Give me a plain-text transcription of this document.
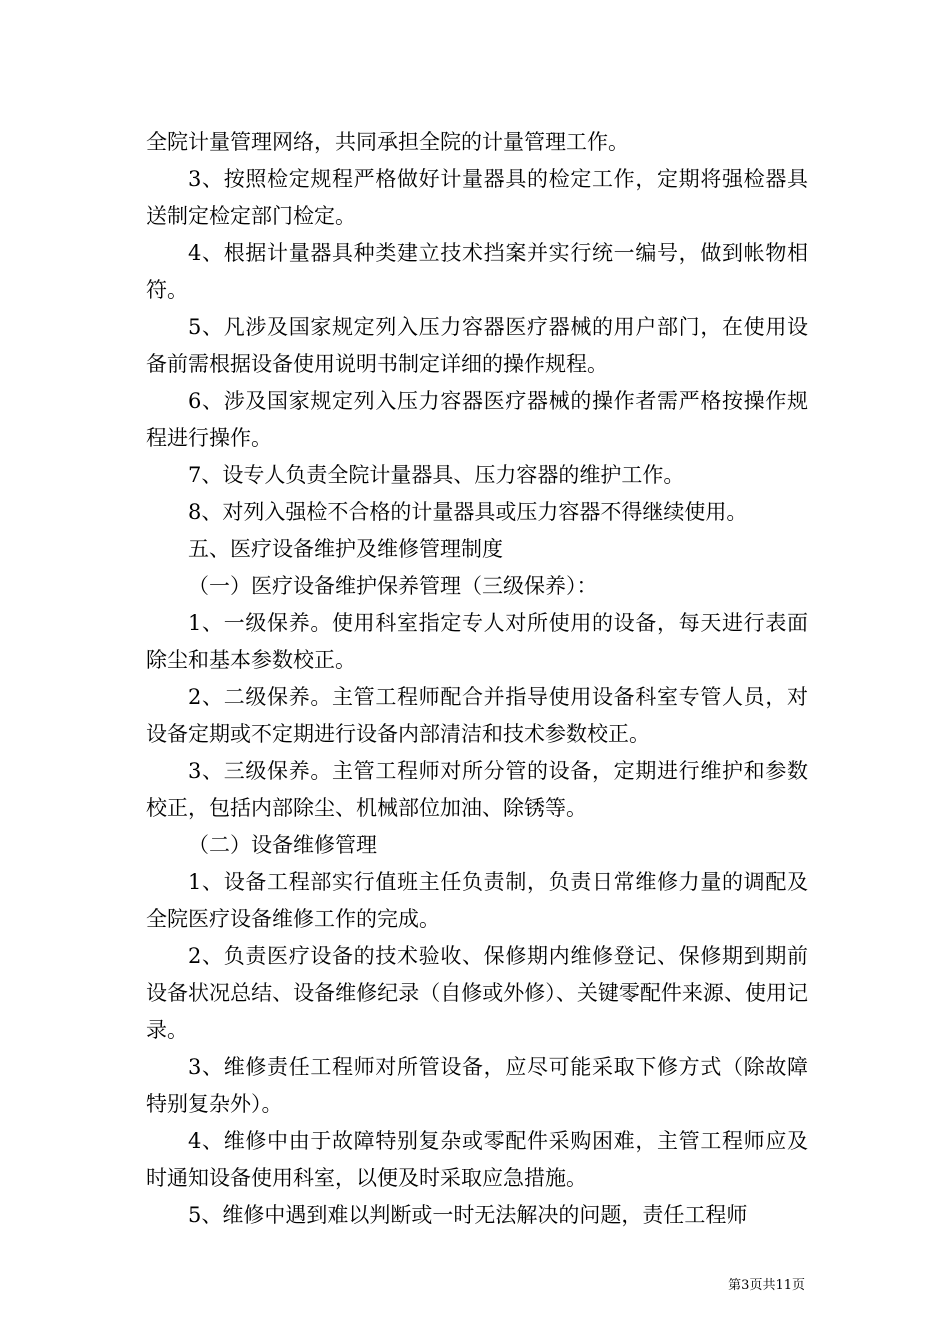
全院计量管理网络，共同承担全院的计量管理工作。

3、按照检定规程严格做好计量器具的检定工作，定期将强检器具送制定检定部门检定。

4、根据计量器具种类建立技术挡案并实行统一编号，做到帐物相符。

5、凡涉及国家规定列入压力容器医疗器械的用户部门，在使用设备前需根据设备使用说明书制定详细的操作规程。

6、涉及国家规定列入压力容器医疗器械的操作者需严格按操作规程进行操作。

7、设专人负责全院计量器具、压力容器的维护工作。

8、对列入强检不合格的计量器具或压力容器不得继续使用。

五、医疗设备维护及维修管理制度

（一）医疗设备维护保养管理（三级保养）：

1、一级保养。使用科室指定专人对所使用的设备，每天进行表面除尘和基本参数校正。

2、二级保养。主管工程师配合并指导使用设备科室专管人员，对设备定期或不定期进行设备内部清洁和技术参数校正。

3、三级保养。主管工程师对所分管的设备，定期进行维护和参数校正，包括内部除尘、机械部位加油、除锈等。

（二）设备维修管理

1、设备工程部实行值班主任负责制，负责日常维修力量的调配及全院医疗设备维修工作的完成。

2、负责医疗设备的技术验收、保修期内维修登记、保修期到期前设备状况总结、设备维修纪录（自修或外修）、关键零配件来源、使用记录。

3、维修责任工程师对所管设备，应尽可能采取下修方式（除故障特别复杂外）。

4、维修中由于故障特别复杂或零配件采购困难，主管工程师应及时通知设备使用科室，以便及时采取应急措施。

5、维修中遇到难以判断或一时无法解决的问题，责任工程师

第3页共11页
